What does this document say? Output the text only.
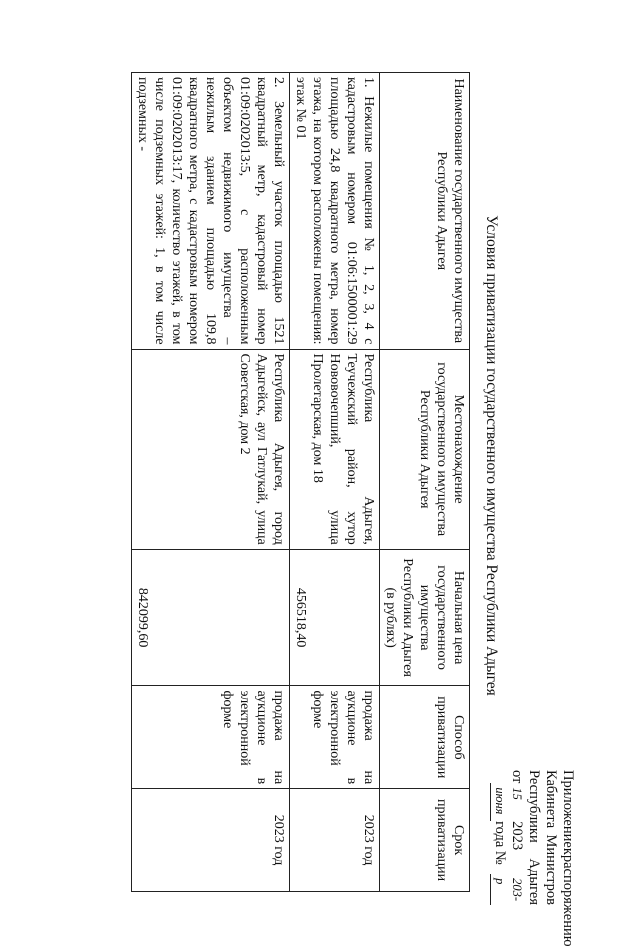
Приложение
к
распоряжению
Кабинета
Министров
Республики
Адыгея
от
15 июня
2023 года №
203-р
Условия приватизации государственного имущества Республики Адыгея
Наименование государственного имущества Республики Адыгея	Местонахождение государственного имущества Республики Адыгея	Начальная цена государственного имущества Республики Адыгея (в рублях)	Способ приватизации	Срок приватизации
1. Нежилые помещения № 1, 2, 3, 4 с кадастровым номером 01:06:1500001:29 площадью 24,8 квадратного метра, номер этажа, на котором расположены помещения: этаж № 01	Республика Адыгея, Теучежский район, хутор Нововочепший, улица Пролетарская, дом 18	456518,40	продажа на аукционе в электронной форме	2023 год
2. Земельный участок площадью 1521 квадратный метр, кадастровый номер 01:09:0202013:5, с расположенным объектом недвижимого имущества – нежилым зданием площадью 109,8 квадратного метра, с кадастровым номером 01:09:0202013:17, количество этажей, в том числе подземных этажей: 1, в том числе подземных -	Республика Адыгея, город Адыгейск, аул Гатлукай, улица Советская, дом 2	842099,60	продажа на аукционе в электронной форме	2023 год
